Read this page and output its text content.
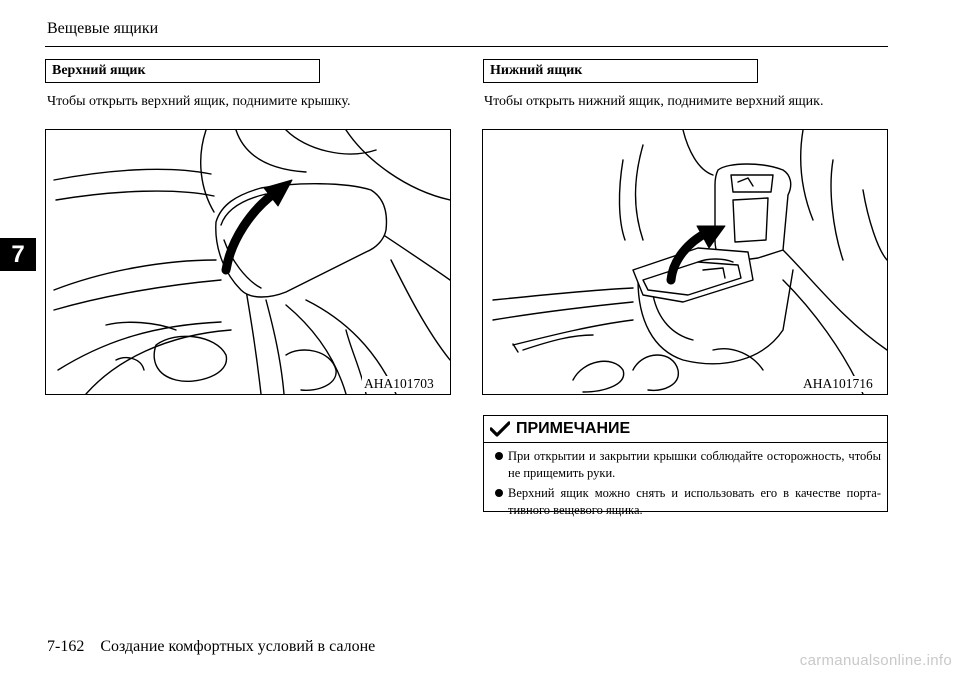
Вещевые ящики
7
Верхний ящик
Чтобы открыть верхний ящик, поднимите крышку.
AHA101703
Нижний ящик
Чтобы открыть нижний ящик, поднимите верхний ящик.
AHA101716
ПРИМЕЧАНИЕ
При открытии и закрытии крышки соблюдайте осторожность, чтобы не прищемить руки.
Верхний ящик можно снять и использовать его в качестве порта-тивного вещевого ящика.
7-162 Создание комфортных условий в салоне
carmanualsonline.info
